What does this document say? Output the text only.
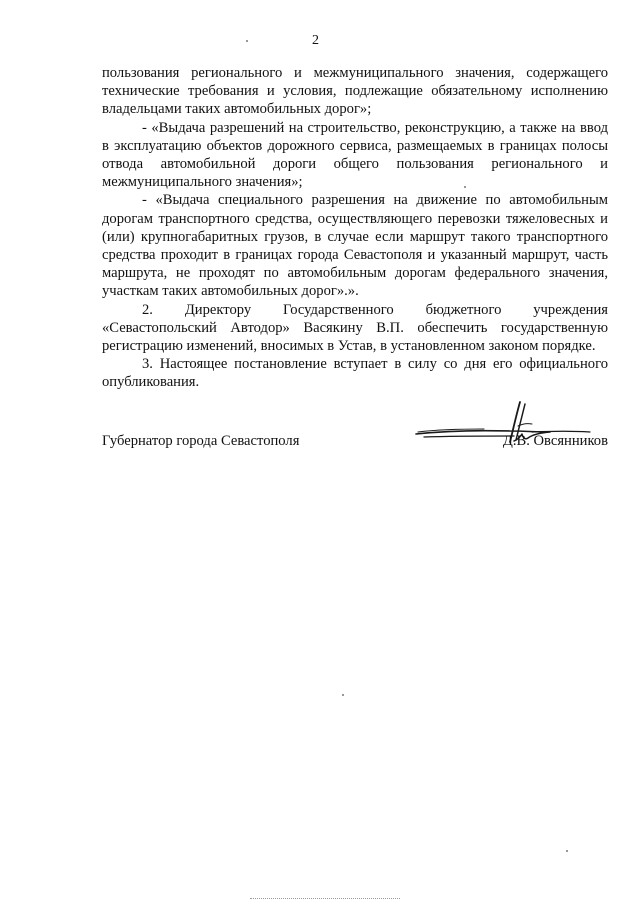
2

пользования регионального и межмуниципального значения, содержащего технические требования и условия, подлежащие обязательному исполнению владельцами таких автомобильных дорог»;

- «Выдача разрешений на строительство, реконструкцию, а также на ввод в эксплуатацию объектов дорожного сервиса, размещаемых в границах полосы отвода автомобильной дороги общего пользования регионального и межмуниципального значения»;

- «Выдача специального разрешения на движение по автомобильным дорогам транспортного средства, осуществляющего перевозки тяжеловесных и (или) крупногабаритных грузов, в случае если маршрут такого транспортного средства проходит в границах города Севастополя и указанный маршрут, часть маршрута, не проходят по автомобильным дорогам федерального значения, участкам таких автомобильных дорог».».

2. Директору Государственного бюджетного учреждения «Севастопольский Автодор» Васякину В.П. обеспечить государственную регистрацию изменений, вносимых в Устав, в установленном законом порядке.

3. Настоящее постановление вступает в силу со дня его официального опубликования.

Губернатор города Севастополя	Д.В. Овсянников
